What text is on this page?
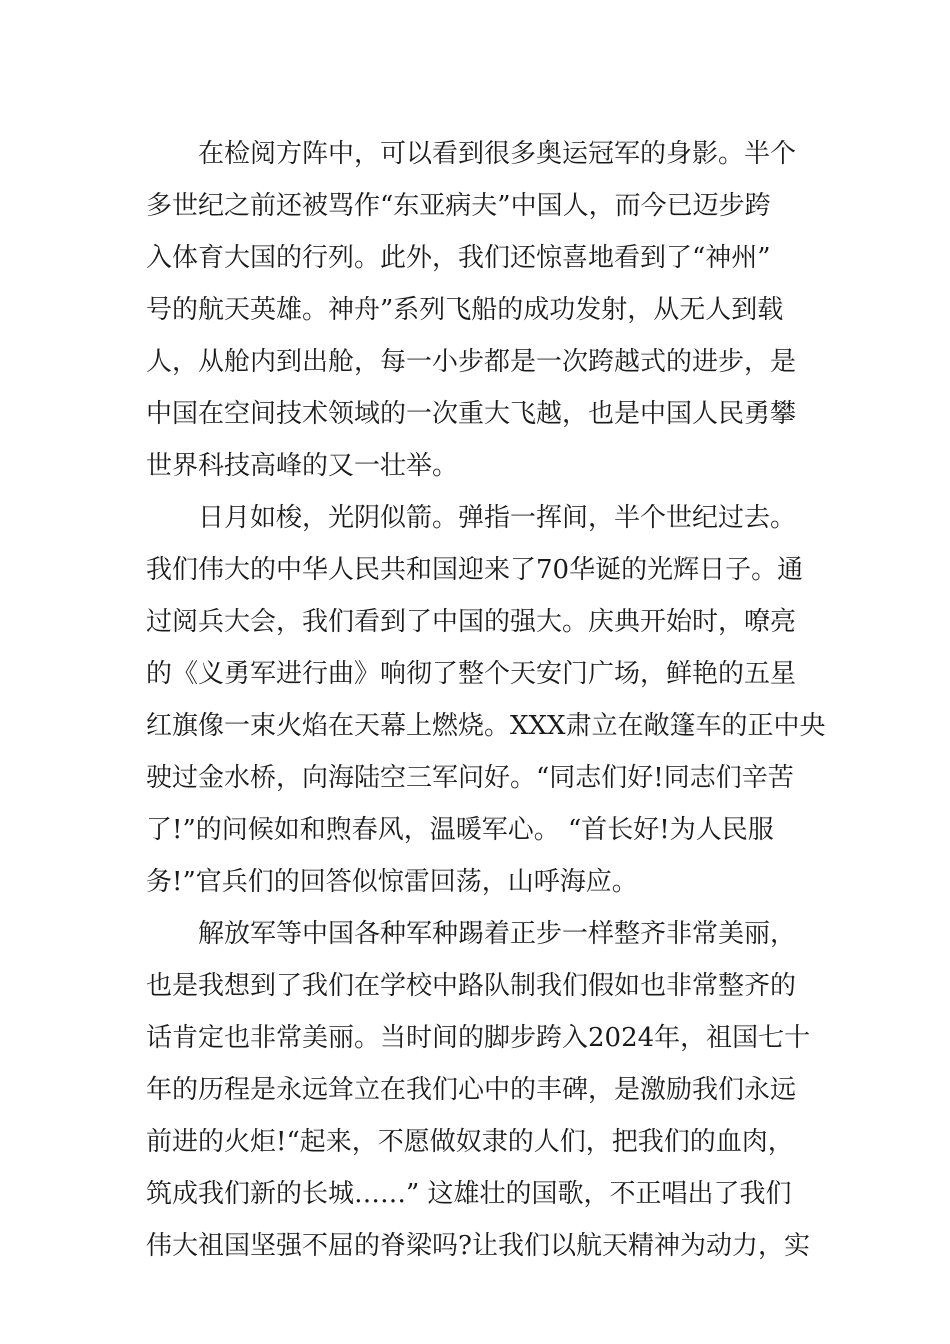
　　在检阅方阵中，可以看到很多奥运冠军的身影。半个
多世纪之前还被骂作“东亚病夫”中国人，而今已迈步跨
入体育大国的行列。此外，我们还惊喜地看到了“神州”
号的航天英雄。神舟”系列飞船的成功发射，从无人到载
人，从舱内到出舱，每一小步都是一次跨越式的进步，是
中国在空间技术领域的一次重大飞越，也是中国人民勇攀
世界科技高峰的又一壮举。
　　日月如梭，光阴似箭。弹指一挥间，半个世纪过去。
我们伟大的中华人民共和国迎来了70华诞的光辉日子。通
过阅兵大会，我们看到了中国的强大。庆典开始时，嘹亮
的《义勇军进行曲》响彻了整个天安门广场，鲜艳的五星
红旗像一束火焰在天幕上燃烧。XXX肃立在敞篷车的正中央
驶过金水桥，向海陆空三军问好。“同志们好!同志们辛苦
了!”的问候如和煦春风，温暖军心。 “首长好!为人民服
务!”官兵们的回答似惊雷回荡，山呼海应。
　　解放军等中国各种军种踢着正步一样整齐非常美丽，
也是我想到了我们在学校中路队制我们假如也非常整齐的
话肯定也非常美丽。当时间的脚步跨入2024年，祖国七十
年的历程是永远耸立在我们心中的丰碑，是激励我们永远
前进的火炬!“起来，不愿做奴隶的人们，把我们的血肉，
筑成我们新的长城……” 这雄壮的国歌，不正唱出了我们
伟大祖国坚强不屈的脊梁吗?让我们以航天精神为动力，实
